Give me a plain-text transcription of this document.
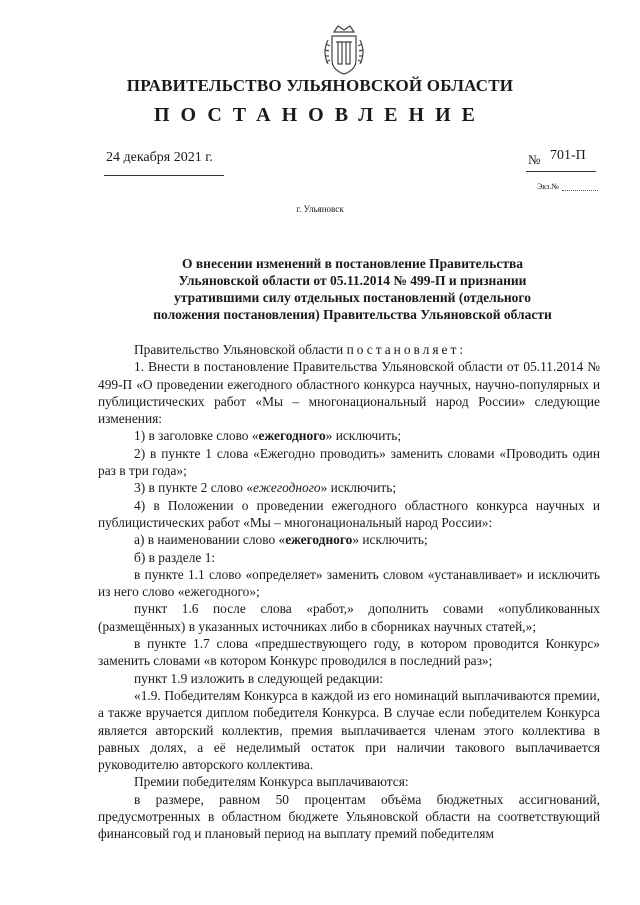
ПРАВИТЕЛЬСТВО УЛЬЯНОВСКОЙ ОБЛАСТИ
ПОСТАНОВЛЕНИЕ
24 декабря 2021 г.	№ 701-П
Экз.№
г. Ульяновск
О внесении изменений в постановление Правительства
Ульяновской области от 05.11.2014 № 499-П и признании
утратившими силу отдельных постановлений (отдельного
положения постановления) Правительства Ульяновской области

Правительство Ульяновской области постановляет:

1. Внести в постановление Правительства Ульяновской области от 05.11.2014 № 499-П «О проведении ежегодного областного конкурса научных, научно-популярных и публицистических работ «Мы – многонациональный народ России» следующие изменения:

1) в заголовке слово «ежегодного» исключить;

2) в пункте 1 слова «Ежегодно проводить» заменить словами «Проводить один раз в три года»;

3) в пункте 2 слово «ежегодного» исключить;

4) в Положении о проведении ежегодного областного конкурса научных и публицистических работ «Мы – многонациональный народ России»:

а) в наименовании слово «ежегодного» исключить;

б) в разделе 1:

в пункте 1.1 слово «определяет» заменить словом «устанавливает» и исключить из него слово «ежегодного»;

пункт 1.6 после слова «работ,» дополнить совами «опубликованных (размещённых) в указанных источниках либо в сборниках научных статей,»;

в пункте 1.7 слова «предшествующего году, в котором проводится Конкурс» заменить словами «в котором Конкурс проводился в последний раз»;

пункт 1.9 изложить в следующей редакции:

«1.9. Победителям Конкурса в каждой из его номинаций выплачиваются премии, а также вручается диплом победителя Конкурса. В случае если победителем Конкурса является авторский коллектив, премия выплачивается членам этого коллектива в равных долях, а её неделимый остаток при наличии такового выплачивается руководителю авторского коллектива.

Премии победителям Конкурса выплачиваются:

в размере, равном 50 процентам объёма бюджетных ассигнований, предусмотренных в областном бюджете Ульяновской области на соответствующий финансовый год и плановый период на выплату премий победителям
